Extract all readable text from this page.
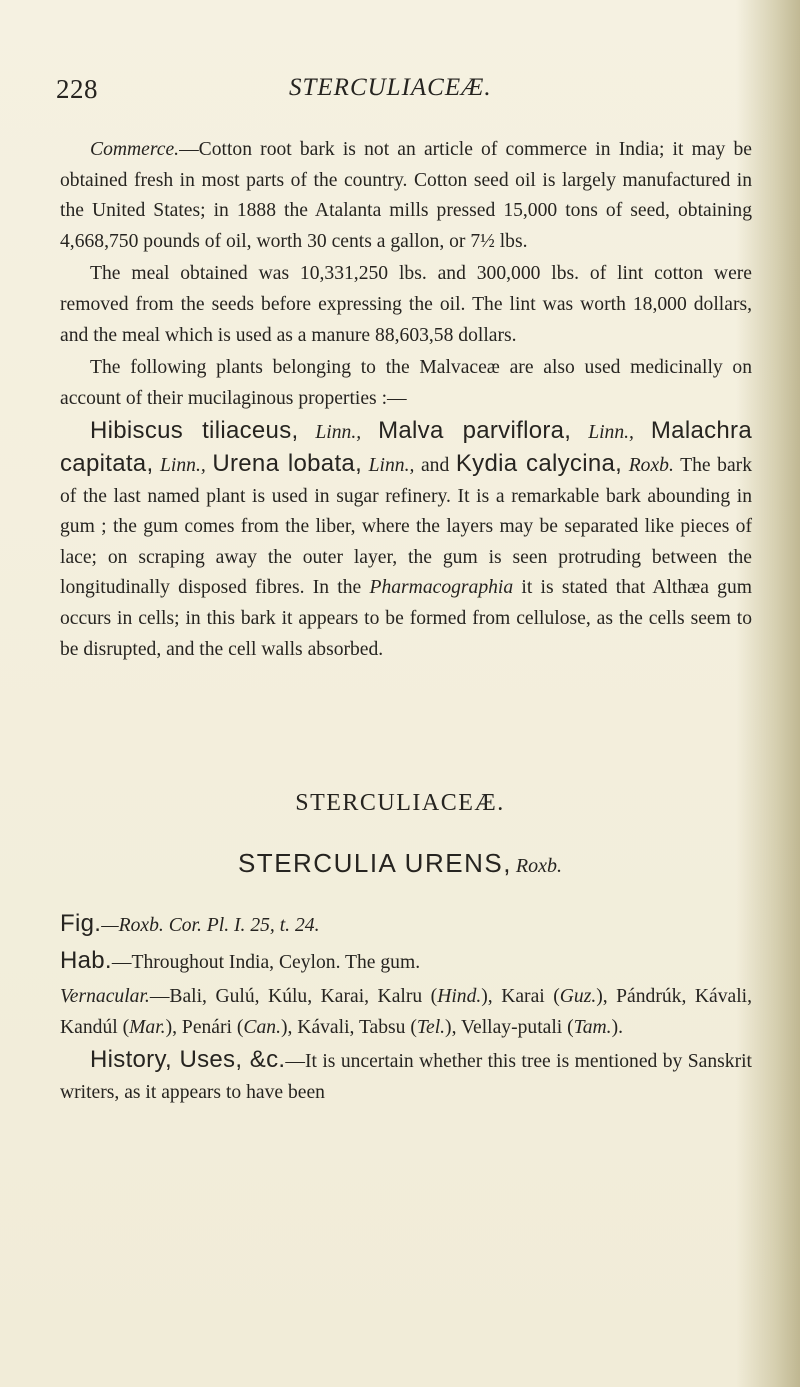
228	STERCULIACEÆ.

Commerce.—Cotton root bark is not an article of commerce in India; it may be obtained fresh in most parts of the country. Cotton seed oil is largely manufactured in the United States; in 1888 the Atalanta mills pressed 15,000 tons of seed, obtaining 4,668,750 pounds of oil, worth 30 cents a gallon, or 7½ lbs.

The meal obtained was 10,331,250 lbs. and 300,000 lbs. of lint cotton were removed from the seeds before expressing the oil. The lint was worth 18,000 dollars, and the meal which is used as a manure 88,603,58 dollars.

The following plants belonging to the Malvaceæ are also used medicinally on account of their mucilaginous properties :—

Hibiscus tiliaceus, Linn., Malva parviflora, Linn., Malachra capitata, Linn., Urena lobata, Linn., and Kydia calycina, Roxb. The bark of the last named plant is used in sugar refinery. It is a remarkable bark abounding in gum ; the gum comes from the liber, where the layers may be separated like pieces of lace; on scraping away the outer layer, the gum is seen protruding between the longitudinally disposed fibres. In the Pharmacographia it is stated that Althæa gum occurs in cells; in this bark it appears to be formed from cellulose, as the cells seem to be disrupted, and the cell walls absorbed.

STERCULIACEÆ.
STERCULIA URENS, Roxb.

Fig.—Roxb. Cor. Pl. I. 25, t. 24.

Hab.—Throughout India, Ceylon. The gum.

Vernacular.—Bali, Gulú, Kúlu, Karai, Kalru (Hind.), Karai (Guz.), Pándrúk, Kávali, Kandúl (Mar.), Penári (Can.), Kávali, Tabsu (Tel.), Vellay-putali (Tam.).

History, Uses, &c.—It is uncertain whether this tree is mentioned by Sanskrit writers, as it appears to have been
